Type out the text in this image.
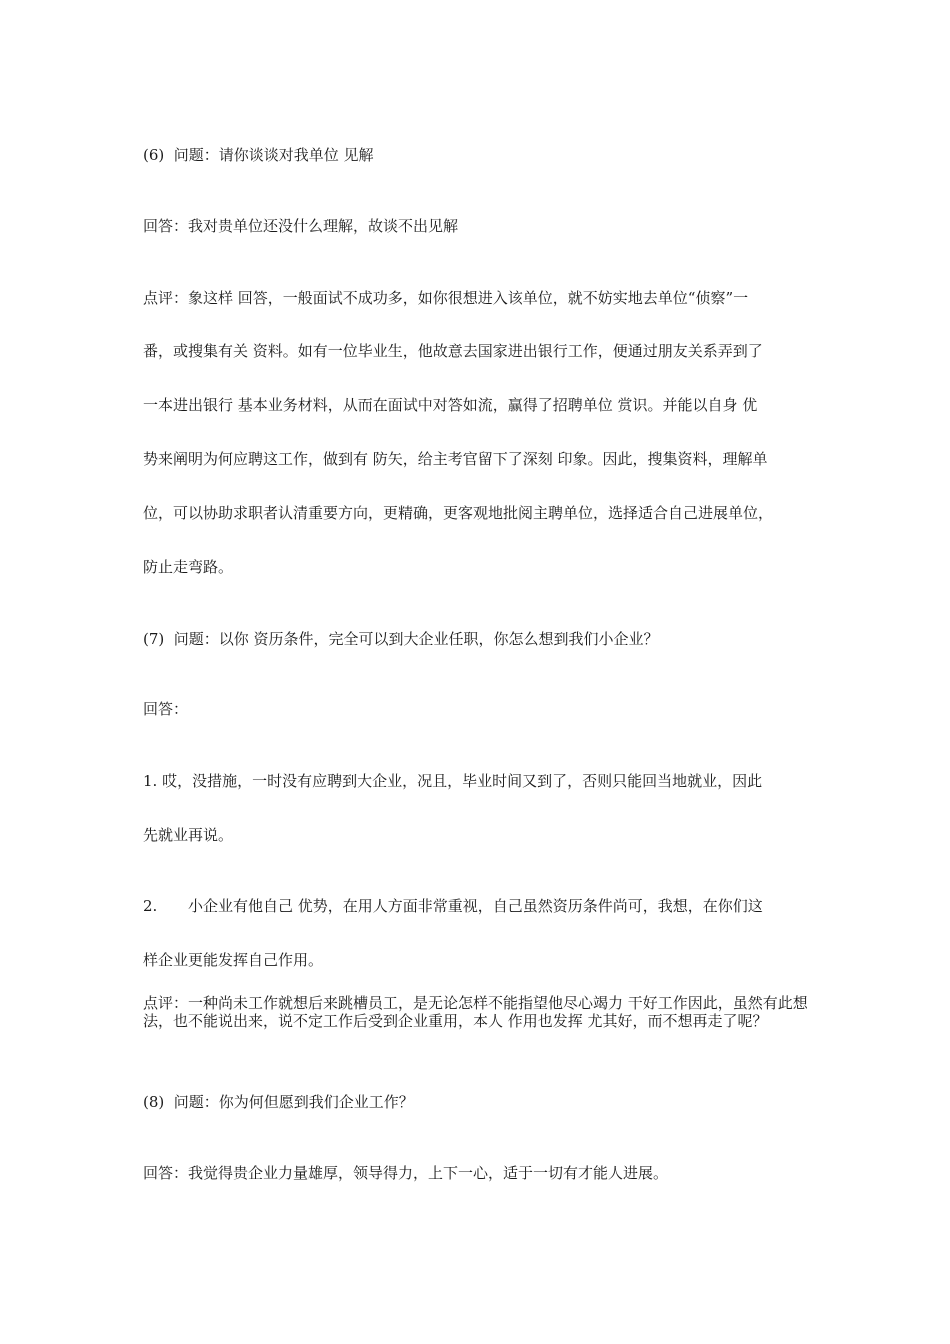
(6)  问题：请你谈谈对我单位 见解

回答：我对贵单位还没什么理解，故谈不出见解

点评：象这样 回答，一般面试不成功多，如你很想进入该单位，就不妨实地去单位“侦察”一

番，或搜集有关 资料。如有一位毕业生，他故意去国家进出银行工作，便通过朋友关系弄到了

一本进出银行 基本业务材料，从而在面试中对答如流，赢得了招聘单位 赏识。并能以自身 优

势来阐明为何应聘这工作，做到有 防矢，给主考官留下了深刻 印象。因此，搜集资料，理解单

位，可以协助求职者认清重要方向，更精确，更客观地批阅主聘单位，选择适合自己进展单位，

防止走弯路。

(7)  问题：以你 资历条件，完全可以到大企业任职，你怎么想到我们小企业？

回答：

1. 哎，没措施，一时没有应聘到大企业，况且，毕业时间又到了，否则只能回当地就业，因此

先就业再说。

2. 小企业有他自己 优势，在用人方面非常重视，自己虽然资历条件尚可，我想，在你们这

样企业更能发挥自己作用。

点评：一种尚未工作就想后来跳槽员工，是无论怎样不能指望他尽心竭力 干好工作因此，虽然有此想法，也不能说出来，说不定工作后受到企业重用，本人 作用也发挥 尤其好，而不想再走了呢？

(8)  问题：你为何但愿到我们企业工作？

回答：我觉得贵企业力量雄厚，领导得力，上下一心，适于一切有才能人进展。
